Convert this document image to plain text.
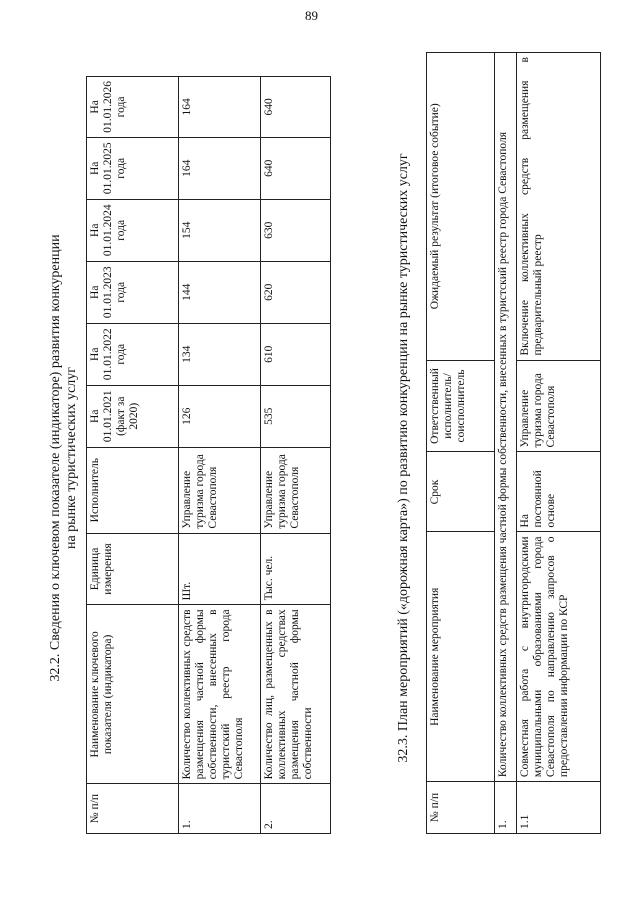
89
32.2. Сведения о ключевом показателе (индикаторе) развития конкуренции на рынке туристических услуг
№ п/п	Наименование ключевого показателя (индикатора)	Единица измерения	Исполнитель	На 01.01.2021 (факт за 2020)	На 01.01.2022 года	На 01.01.2023 года	На 01.01.2024 года	На 01.01.2025 года	На 01.01.2026 года
1.	Количество коллективных средств размещения частной формы собственности, внесенных в туристский реестр города Севастополя	Шт.	Управление туризма города Севастополя	126	134	144	154	164	164
2.	Количество лиц, размещенных в коллективных средствах размещения частной формы собственности	Тыс. чел.	Управление туризма города Севастополя	535	610	620	630	640	640
32.3. План мероприятий («дорожная карта») по развитию конкуренции на рынке туристических услуг
№ п/п	Наименование мероприятия	Срок	Ответственный исполнитель/ соисполнитель	Ожидаемый результат (итоговое событие)
1.	Количество коллективных средств размещения частной формы собственности, внесенных в туристский реестр города Севастополя			
1.1	Совместная работа с внутригородскими муниципальными образованиями города Севастополя по направлению запросов о предоставлении информации по КСР	На постоянной основе	Управление туризма города Севастополя	Включение коллективных средств размещения в предварительный реестр
